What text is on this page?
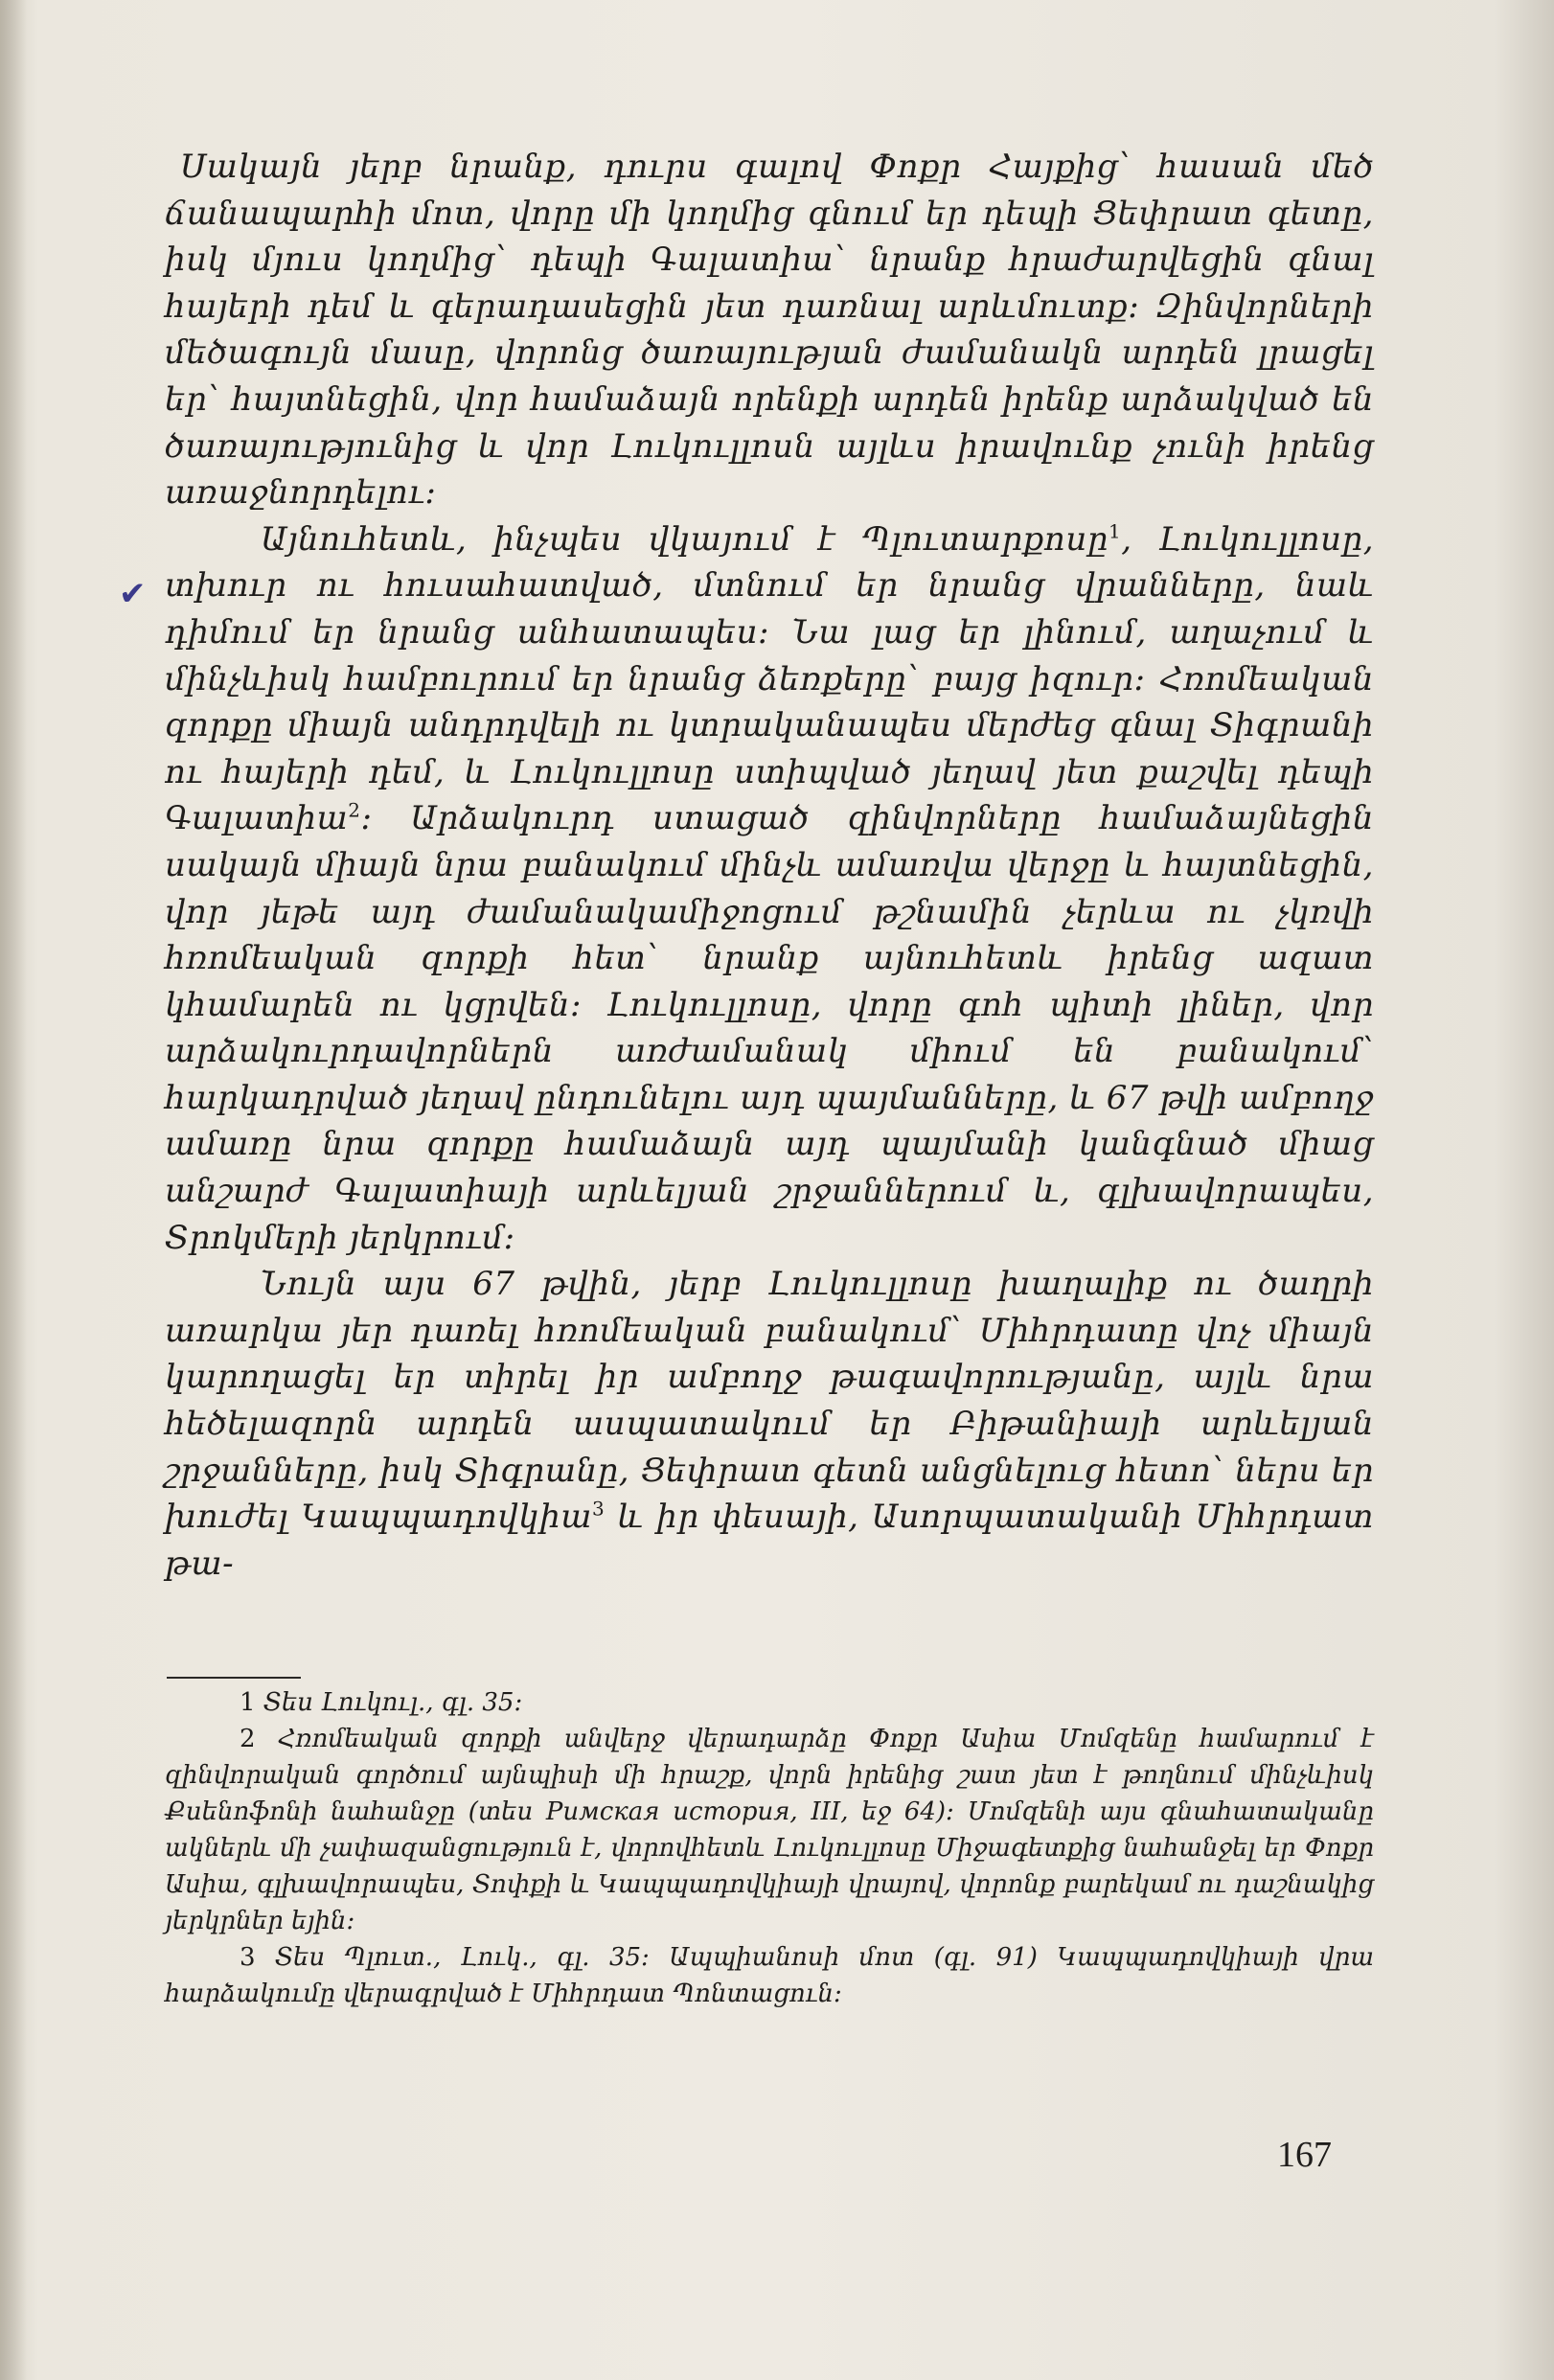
✔

Սակայն յերբ նրանք, դուրս գալով Փոքր Հայքից՝ հասան մեծ ճանապարհի մոտ, վորը մի կողմից գնում եր դեպի Ցեփրատ գետը, իսկ մյուս կողմից՝ դեպի Գալատիա՝ նրանք հրաժարվեցին գնալ հայերի դեմ և գերադասեցին յետ դառնալ արևմուտք։ Զինվորների մեծագույն մասը, վորոնց ծառայության ժամանակն արդեն լրացել եր՝ հայտնեցին, վոր համաձայն որենքի արդեն իրենք արձակված են ծառայությունից և վոր Լուկուլլոսն այլևս իրավունք չունի իրենց առաջնորդելու։

Այնուհետև, ինչպես վկայում է Պլուտարքոսը$^1$, Լուկուլլոսը, տխուր ու հուսահատված, մտնում եր նրանց վրանները, նաև դիմում եր նրանց անհատապես։ Նա լաց եր լինում, աղաչում և մինչևիսկ համբուրում եր նրանց ձեռքերը՝ բայց իզուր։ Հռոմեական զորքը միայն անդրդվելի ու կտրականապես մերժեց գնալ Տիգրանի ու հայերի դեմ, և Լուկուլլոսը ստիպված յեղավ յետ քաշվել դեպի Գալատիա$^2$։ Արձակուրդ ստացած զինվորները համաձայնեցին սակայն միայն նրա բանակում մինչև ամառվա վերջը և հայտնեցին, վոր յեթե այդ ժամանակամիջոցում թշնամին չերևա ու չկռվի հռոմեական զորքի հետ՝ նրանք այնուհետև իրենց ազատ կհամարեն ու կցրվեն։ Լուկուլլոսը, վորը գոհ պիտի լիներ, վոր արձակուրդավորներն առժամանակ միում են բանակում՝ հարկադրված յեղավ ընդունելու այդ պայմանները, և 67 թվի ամբողջ ամառը նրա զորքը համաձայն այդ պայմանի կանգնած միաց անշարժ Գալատիայի արևելյան շրջաններում և, գլխավորապես, Տրոկմերի յերկրում։

Նույն այս 67 թվին, յերբ Լուկուլլոսը խաղալիք ու ծաղրի առարկա յեր դառել հռոմեական բանակում՝ Միհրդատը վոչ միայն կարողացել եր տիրել իր ամբողջ թագավորությանը, այլև նրա հեծելազորն արդեն ասպատակում եր Բիթանիայի արևելյան շրջանները, իսկ Տիգրանը, Ցեփրատ գետն անցնելուց հետո՝ ներս եր խուժել Կապպադովկիա$^3$ և իր փեսայի, Ասորպատականի Միհրդատ թա-

1 Տես Լուկուլ., գլ. 35։

2 Հռոմեական զորքի անվերջ վերադարձը Փոքր Ասիա Մոմզենը համարում է զինվորական գործում այնպիսի մի հրաշք, վորն իրենից շատ յետ է թողնում մինչևիսկ Քսենոֆոնի նահանջը (տես Римская история, III, եջ 64)։ Մոմզենի այս գնահատականը ակներև մի չափազանցություն է, վորովհետև Լուկուլլոսը Միջագետքից նահանջել եր Փոքր Ասիա, գլխավորապես, Տոփքի և Կապպադովկիայի վրայով, վորոնք բարեկամ ու դաշնակից յերկրներ եյին։

3 Տես Պլուտ., Լուկ., գլ. 35։ Ապպիանոսի մոտ (գլ. 91) Կապպադովկիայի վրա հարձակումը վերագրված է Միհրդատ Պոնտացուն։

167
